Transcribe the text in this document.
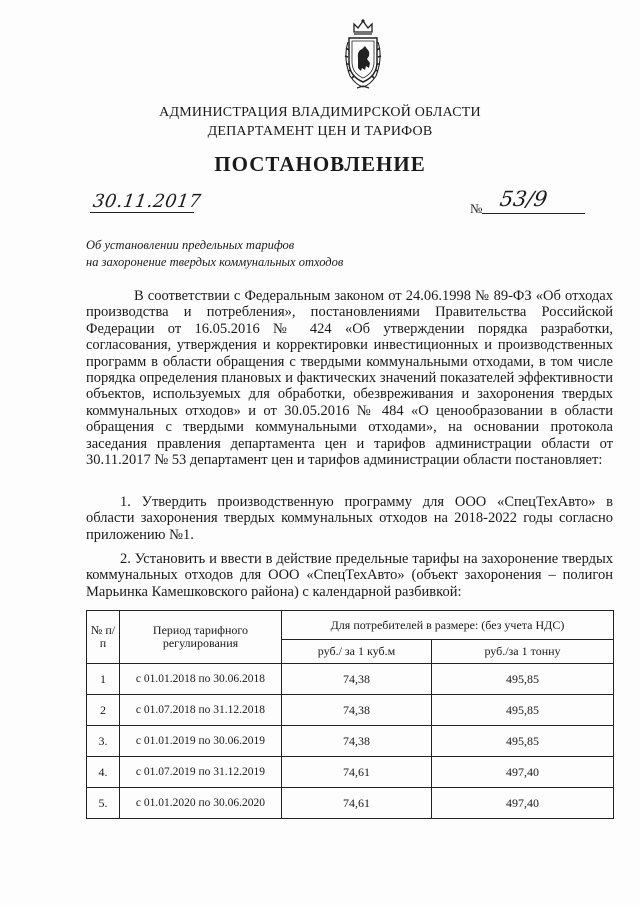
АДМИНИСТРАЦИЯ ВЛАДИМИРСКОЙ ОБЛАСТИ
ДЕПАРТАМЕНТ ЦЕН И ТАРИФОВ
ПОСТАНОВЛЕНИЕ
30.11.2017	№ 53/9
Об установлении предельных тарифов
на захоронение твердых коммунальных отходов
В соответствии с Федеральным законом от 24.06.1998 № 89-ФЗ «Об отходах производства и потребления», постановлениями Правительства Российской Федерации от 16.05.2016 № 424 «Об утверждении порядка разработки, согласования, утверждения и корректировки инвестиционных и производственных программ в области обращения с твердыми коммунальными отходами, в том числе порядка определения плановых и фактических значений показателей эффективности объектов, используемых для обработки, обезвреживания и захоронения твердых коммунальных отходов» и от 30.05.2016 № 484 «О ценообразовании в области обращения с твердыми коммунальными отходами», на основании протокола заседания правления департамента цен и тарифов администрации области от 30.11.2017 № 53 департамент цен и тарифов администрации области постановляет:
1. Утвердить производственную программу для ООО «СпецТехАвто» в области захоронения твердых коммунальных отходов на 2018-2022 годы согласно приложению №1.
2. Установить и ввести в действие предельные тарифы на захоронение твердых коммунальных отходов для ООО «СпецТехАвто» (объект захоронения – полигон Марьинка Камешковского района) с календарной разбивкой:
№ п/п	Период тарифного регулирования	Для потребителей в размере: (без учета НДС)	
		руб./ за 1 куб.м	руб./за 1 тонну
1	с 01.01.2018 по 30.06.2018	74,38	495,85
2	с 01.07.2018 по 31.12.2018	74,38	495,85
3.	с 01.01.2019 по 30.06.2019	74,38	495,85
4.	с 01.07.2019 по 31.12.2019	74,61	497,40
5.	с 01.01.2020 по 30.06.2020	74,61	497,40
